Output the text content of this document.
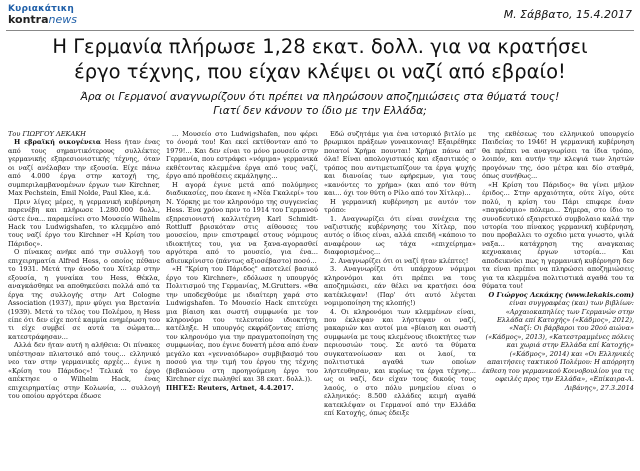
Κυριακάτικη
kontranews	Μ. Σάββατο, 15.4.2017
Η Γερμανία πλήρωσε 1,28 εκατ. δολλ. για να κρατήσει
έργο τέχνης, που είχαν κλέψει οι ναζί από εβραίο!
Άρα οι Γερμανοί αναγνωρίζουν ότι πρέπει να πληρώσουν αποζημιώσεις στα θύματά τους!
Γιατί δεν κάνουν το ίδιο με την Ελλάδα;

Του ΓΙΩΡΓΟΥ ΛΕΚΑΚΗ

Η εβραϊκή οικογένεια Hess ήταν ένας από τους σημαντικότερους συλλέκτες γερμανικής εξπρεσιονιστικής τέχνης, όταν οι ναζί ανέλαβαν την εξουσία. Είχε πάνω από 4.000 έργα στην κατοχή της, συμπεριλαμβανομένων έργων των Kirchner, Max Pechstein, Emil Nolde, Paul Klee, κ.ά.

Πριν λίγες μέρες, η γερμανική κυβέρνηση παρενέβη και πλήρωσε 1.280.000 δολλ., ώστε ένα... παραμείνει στο Μουσείο Wilhelm Hack του Ludwigshafen, το κλεμμένο από τους ναζί έργο του Kirchner «Η Κρίση του Πάριδος».

Ο πίνακας ανήκε από την συλλογή του επιχειρηματία Alfred Hess, ο οποίος πέθανε το 1931. Μετά την άνοδο του Χίτλερ στην εξουσία, η γυναίκα του Hess, Θέκλα, αναγκάσθηκε να αποθηκεύσει πολλά από τα έργα της συλλογής στην Art Cologne Association (1937), πριν φύγει για Βρετανία (1939). Μετά το τέλος του Πολέμου, η Hess είπε ότι δεν είχε ποτέ καμμία ενημέρωση του τι είχε συμβεί σε αυτά τα σώματα... κατεστράφησαν...

Αλλά δεν ήταν αυτή η αλήθεια: Οι πίνακες υπέστησαν πλιατσικό από τους... ελληνικό νεο ταν στην γερμανικές αρχές... έγινε η «Κρίση του Πάριδος»! Τελικά το έργο απέκτησε ο Wilhelm Hack, ένας επιχειρηματίας στην Κολωνία, ... συλλογή του οποίου αργότερα έδωσε

... Μουσείο στο Ludwigshafen, που φέρει το όνομά του! Και εκεί εκτίθονταν από το 1979!... Και δεν είναι το μόνο μουσείο στην Γερμανία, που εστράφει «νόμιμα» γερμανικά εκθέτοντας κλεμμένα έργα από τους ναζί, έργο από προθέσεις εκμάληψης...

Η αγορά έγινε μετά από πολύμηνες διαδικασίες, που έκανε η «Νέα Γκαλερί» του Ν. Υόρκης με τον κληρονόμο της συγγενείας Hess. Ένα χρόνο πριν το 1914 του Γερμανού εξπρεσιονιστή καλλιτέχνη Karl Schmidt-Rottluff βρισκόταν στις αίθουσες του μουσείου, πριν επιστραφεί στους νόμιμους ιδιοκτήτες του, για να ξανα-αγορασθεί αργότερα από το μουσείο, για ένα... αδιευκρίνιστο (πάντως αξιοσέβαστο) ποσό...

«Η "Κρίση του Πάριδος" αποτελεί βασικό έργο του Kirchner», εδόλωσε η υπουργός Πολιτισμού της Γερμανίας, M.Grutters. «Θα την υποδεχθούμε με ιδιαίτερη χαρά στο Ludwigshafen. Το Μουσείο Hack επιτεύχει μια βίαιση και σωστή συμφωνία με τον κληρονόμο του τελευταίου ιδιοκτήτη, κατέληξε. Η υπουργός εκφράζοντας επίσης τον κληρονόμο για την πραγματοποίηση της συμφωνίας, που έγινε δυνατή μέσα από έναν μεγάλο και «γενναιόδωρο» συμβιβασμό του ποσού για την τιμή του έργου της τέχνης (βεβαιώσου στη προηγούμενη έργο του Kirchner είχε πωληθεί και 38 εκατ. δολλ.)).

ΠΗΓΕΣ: Reuters, Artnet, 4.4.2017.

Εδώ συζητάμε για ένα ιστορικό βιτλίο με βρωμικοι πράξεων γυναικονιας! Εξαιρέθηκε ποιατοί Χρήμα πουνται! Χρήμα πάνω απ' όλα! Είναι απολογιστικός και εξασιτικός ο τρόπος που αντιμετωπίζουν τα έργα ψυχής και διανοίας των εφήρεμων, για τους «κανόντες το χρήμα» (και από τον θύτη και... όχι τον θύτη ο Ρίλο από τον Χίτλερ)...

Η γερμανική κυβέρνηση με αυτόν τον τρόπο:

1. Αναγνωρίζει ότι είναι συνέχεια της ναζιστικής κυβέρνησης του Χίτλερ, που αυτός ο ίδιος είναι, αλλά επειδή «κάποιο το αναφέρουν ως τάχα «επιχείρημα» διαφορισμένος...

2. Αναγνωρίζει ότι οι ναζί ήταν κλέπτες!

3. Αναγνωρίζει ότι υπάρχουν νόμιμοι κληρονόμοι και ότι πρέπει να τους αποζημιώσει, εάν θέλει να κρατήσει όσα κατέκλεψαν! (Παρ' ότι αυτό λέγεται νομιμοποίηση της κλοπής!)

4. Οι κληρονόμοι των κλεμμένων είναι, που έκλεψαν και λήστεψαν οι ναζί, μακαριών και αυτοί μια «βίαιση και σωστή συμφωνία με τους κλεμένους ιδιοκτήτες των περιουσιών τους. Σε αυτό τα θύματα συγκατανοίωσαν και οι λαοί, τα πολιτιστικά αγαθά των οποίων λήστευθησαν, και κυρίως τα έργα τέχνης... ως οι ναζί, δεν είχαν τους δικούς τους λαούς, ο στο πόλυ μνημείου είναι ο ελληνικός: 8.500 ελλάδες κειμή αγαθά κατεκλέψαν οι Γερμανοί από την Ελλάδα επί Κατοχής, όπως έδειξε

της εκθέσεως του ελληνικού υπουργείο Παιδείας το 1946! Η γερμανική κυβέρνηση θα πρέπει να αναγνωρίσει τα ίδια τρόπο, λοιπόν, και αυτήν την κλεψιά των ληστών προγόνων της, όσο μέτρα και δίο σταθμά, όπως συνήθως...

«Η Κρίση του Πάριδος» θα γίνει μήλον έριδος... Στην αρχαιότητα, ούτε λίγο, ούτε πολύ, η κρίση του Πάρι επιφερε έναν «παγκόσμιο» πόλεμο... Σήμερα, στο ίδιο το συνοδευτικό εξαιρετικό συμβολαιο καλά την ιστορία του πίνακος γερμανική κυβέρνηση, που προβαλλει το σχεδιο μετα γνωστο, ψιλά ναξα... κατάχρηση της αναγκαιας κεχνακαιας έργων ιστορία... Και αποδεικνύει πως η γερμανική κυβέρνηση δεν τα είναι πρέπει να πληρώσει αποζημιώσεις για τα κλεμμένα πολιτιστικά αγαθά του τα θύματα του!

Ο Γιώργος Λεκάκης (www.lekakis.com) είναι συγγραφέας (και) των βιβλίων: «Αρχαιοκαπηλίες των Γερμανών στην Ελλάδα επί Κατοχής» («Κάδμος», 2012), «Ναζί: Οι βάρβαροι του 20ού αιώνα» («Κάδμος», 2013), «Κατεστραμμένες πόλεις και χωριά στην Ελλάδα επί Κατοχής» («Κάδμος», 2014) και «Οι Ελληνικές απαιτήσεις τακτικού Πολέμου: Η απόρρητη έκθεση του γερμανικού Κοινοβουλίου για τις οφειλές προς την Ελλάδα», «Επίκαιρα-Α. Λιβάνης», 27.3.2014
